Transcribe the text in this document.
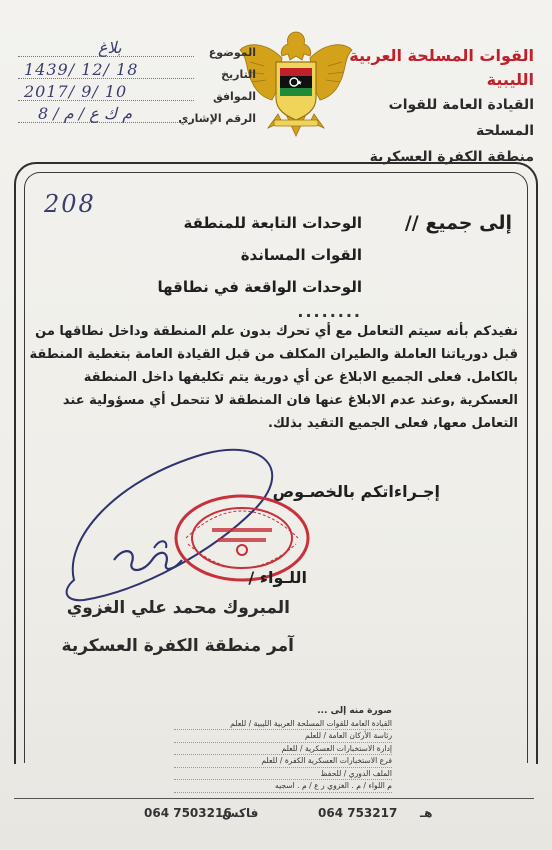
القوات المسلحة العربية الليبية
القيادة العامة للقوات المسلحة
منطقة الكفرة العسكرية
الموضوع
بلاغ
التاريخ
1439/ 12/ 18
الموافق
2017/ 9/ 10
الرقم الإشاري
م ك ع / م / 8
208
إلى جميع //
الوحدات التابعة للمنطقة
القوات المساندة
الوحدات الواقعة في نطاقها
........
نفيدكم بأنه سيتم التعامل مع أي تحرك بدون علم المنطقة وداخل نطاقها من قبل دورياتنا العاملة والطيران المكلف من قبل القيادة العامة بتغطية المنطقة بالكامل. فعلى الجميع الابلاغ عن أي دورية يتم تكليفها داخل المنطقة العسكرية ,وعند عدم الابلاغ عنها فان المنطقة لا تتحمل أي مسؤولية عند التعامل معها, فعلى الجميع التقيد بذلك.
إجـراءاتكم بالخصـوص
اللـواء /
المبروك محمد علي الغزوي
آمر منطقة الكفرة العسكرية
صورة منه إلى ...
القيادة العامة للقوات المسلحة العربية الليبية / للعلم
رئاسة الأركان العامة / للعلم
إدارة الاستخبارات العسكرية / للعلم
فرع الاستخبارات العسكرية الكفرة / للعلم
الملف الدوري / للحفظ
م اللواء / م . الغزوي ر ع / م . اسجيه
هـ
064 753217
فاكس
064 7503216
